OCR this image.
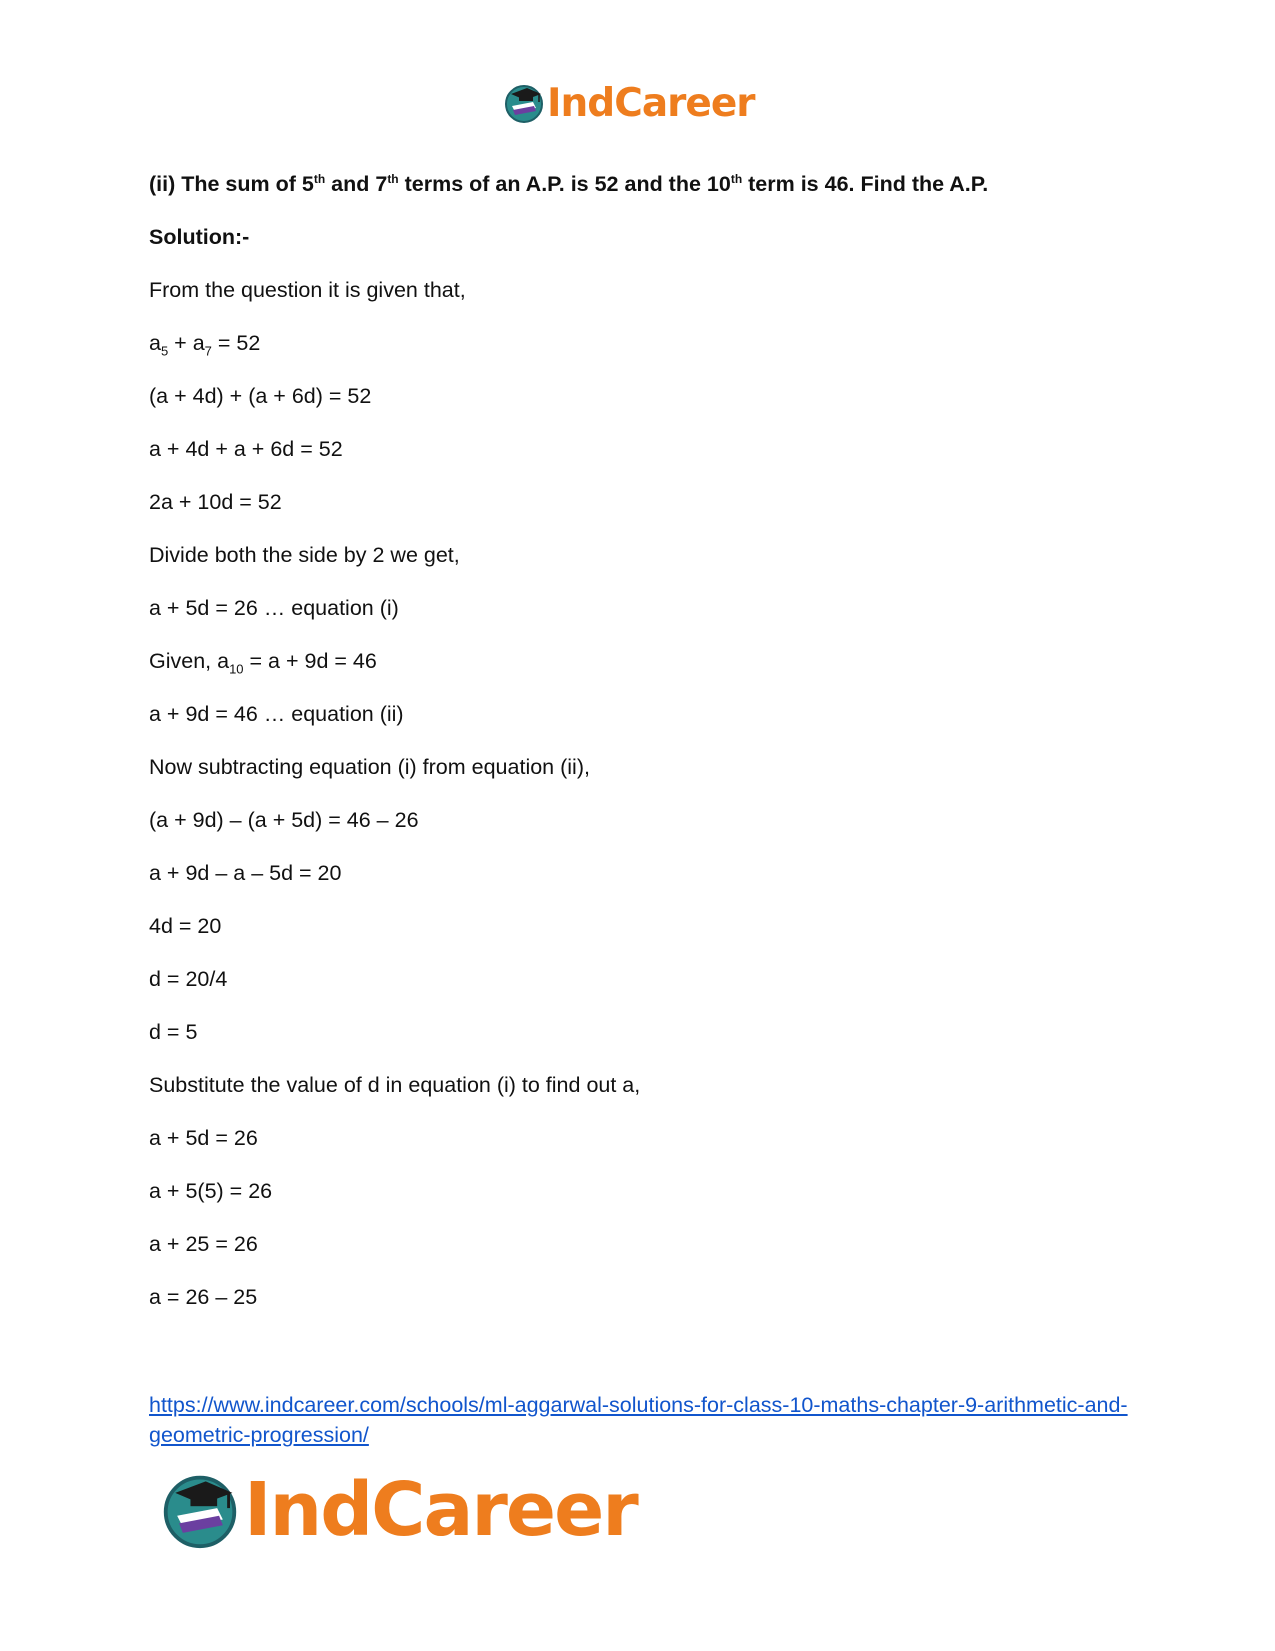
IndCareer
(ii) The sum of 5th and 7th terms of an A.P. is 52 and the 10th term is 46. Find the A.P.
Solution:-
From the question it is given that,
$a_5 + a_7 = 52$
(a + 4d) + (a + 6d) = 52
a + 4d + a + 6d = 52
2a + 10d = 52
Divide both the side by 2 we get,
a + 5d = 26 … equation (i)
Given, $a_{10} = a + 9d = 46$
a + 9d = 46 … equation (ii)
Now subtracting equation (i) from equation (ii),
(a + 9d) – (a + 5d) = 46 – 26
a + 9d – a – 5d = 20
4d = 20
d = 20/4
d = 5
Substitute the value of d in equation (i) to find out a,
a + 5d = 26
a + 5(5) = 26
a + 25 = 26
a = 26 – 25
https://www.indcareer.com/schools/ml-aggarwal-solutions-for-class-10-maths-chapter-9-arithmetic-and-geometric-progression/
IndCareer
